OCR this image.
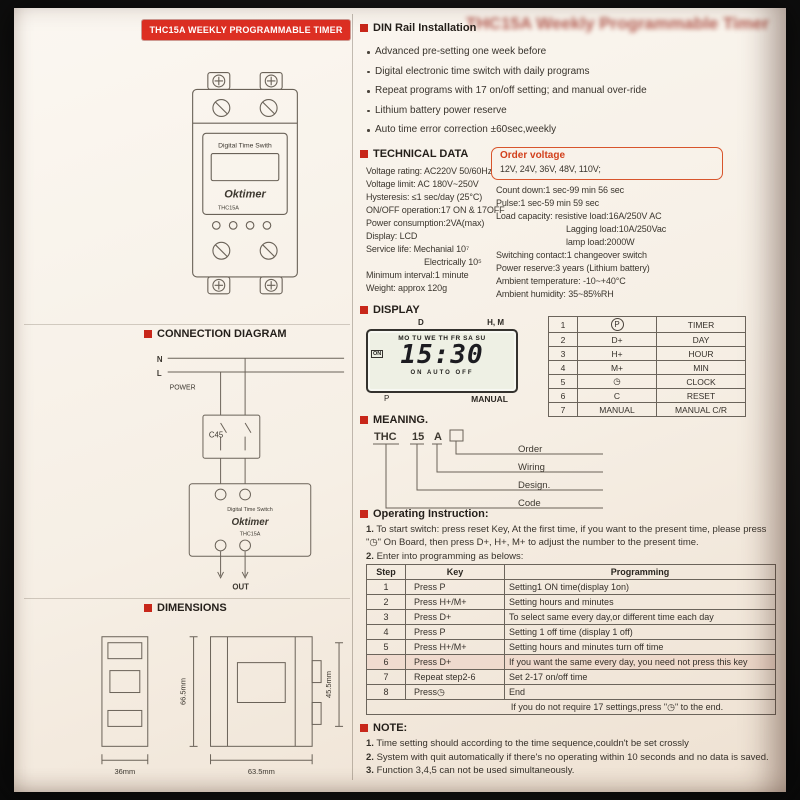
THC15A Weekly Programmable Timer
THC15A WEEKLY PROGRAMMABLE TIMER
Digital Time Swith
Oktimer
THC15A
CONNECTION DIAGRAM
N
L
POWER
C45
Digital Time Switch
Oktimer
THC15A
OUT
DIMENSIONS
36mm	63.5mm
66.5mm	45.5mm
DIN Rail Installation
Advanced pre-setting one week before
Digital electronic time switch with daily programs
Repeat programs with 17 on/off setting; and manual over-ride
Lithium battery power reserve
Auto time error correction ±60sec,weekly
TECHNICAL DATA
Voltage rating: AC220V 50/60Hz
Voltage limit: AC 180V~250V
Hysteresis: ≤1 sec/day (25°C)
ON/OFF operation:17 ON & 17OFF
Power consumption:2VA(max)
Display: LCD
Service life: Mechanial 10⁷
Electrically 10⁵
Minimum interval:1 minute
Weight: approx 120g
Order voltage
12V, 24V, 36V, 48V, 110V;
Count down:1 sec-99 min 56 sec
Pulse:1 sec-59 min 59 sec
Load capacity: resistive load:16A/250V AC
Lagging load:10A/250Vac
lamp load:2000W
Switching contact:1 changeover switch
Power reserve:3 years (Lithium battery)
Ambient temperature: -10~+40°C
Ambient humidity: 35~85%RH
DISPLAY
D	H, M
MO TU WE TH FR SA SU
ON 15:30
ON AUTO OFF
P	MANUAL
1	P	TIMER
2	D+	DAY
3	H+	HOUR
4	M+	MIN
5	◷	CLOCK
6	C	RESET
7	MANUAL	MANUAL C/R
MEANING.
THC 15 A
Order
Wiring
Design.
Code
Operating Instruction:
1. To start switch: press reset Key, At the first time, if you want to the present time, please press "◷" On Board, then press D+, H+, M+ to adjust the number to the present time.
2. Enter into programming as belows:
Step	Key	Programming
1	Press P	Setting1 ON time(display 1on)
2	Press H+/M+	Setting hours and minutes
3	Press D+	To select same every day,or different time each day
4	Press P	Setting 1 off time (display 1 off)
5	Press H+/M+	Setting hours and minutes turn off time
6	Press D+	If you want the same every day, you need not press this key
7	Repeat step2-6	Set 2-17 on/off time
8	Press◷	End
If you do not require 17 settings,press "◷" to the end.		
NOTE:
1. Time setting should according to the time sequence,couldn't be set crossly
2. System with quit automatically if there's no operating within 10 seconds and no data is saved.
3. Function 3,4,5 can not be used simultaneously.
